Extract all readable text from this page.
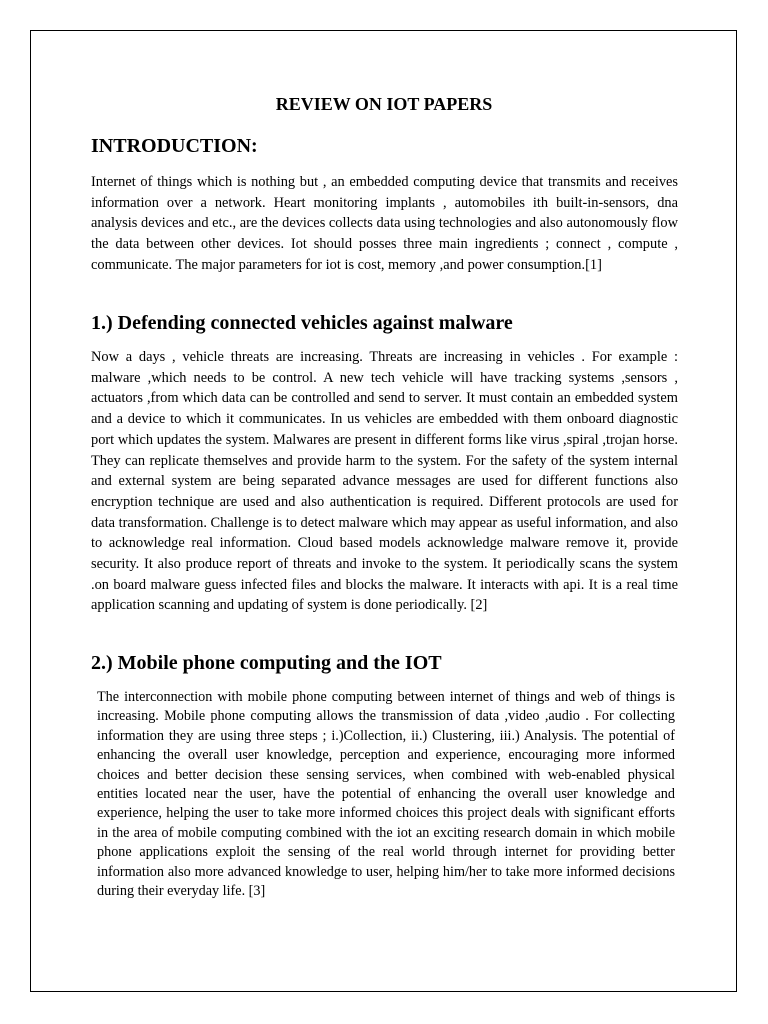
REVIEW ON IOT PAPERS
INTRODUCTION:

Internet of things which is nothing but , an embedded computing device that transmits and receives information over a network. Heart monitoring implants , automobiles ith built-in-sensors, dna analysis devices and etc., are the devices collects data using technologies and also autonomously flow the data between other devices. Iot should posses three main ingredients ; connect , compute , communicate. The major parameters for iot is cost, memory ,and power consumption.[1]

1.) Defending connected vehicles against malware

Now a days , vehicle threats are increasing. Threats are increasing in vehicles . For example : malware ,which needs to be control. A new tech vehicle will have tracking systems ,sensors , actuators ,from which data can be controlled and send to server. It must contain an embedded system and a device to which it communicates. In us vehicles are embedded with them onboard diagnostic port which updates the system. Malwares are present in different forms like virus ,spiral ,trojan horse. They can replicate themselves and provide harm to the system. For the safety of the system internal and external system are being separated advance messages are used for different functions also encryption technique are used and also authentication is required. Different protocols are used for data transformation. Challenge is to detect malware which may appear as useful information, and also to acknowledge real information. Cloud based models acknowledge malware remove it, provide security. It also produce report of threats and invoke to the system. It periodically scans the system .on board malware guess infected files and blocks the malware. It interacts with api. It is a real time application scanning and updating of system is done periodically. [2]

2.) Mobile phone computing and the IOT

The interconnection with mobile phone computing between internet of things and web of things is increasing. Mobile phone computing allows the transmission of data ,video ,audio . For collecting information they are using three steps ; i.)Collection, ii.) Clustering, iii.) Analysis. The potential of enhancing the overall user knowledge, perception and experience, encouraging more informed choices and better decision these sensing services, when combined with web-enabled physical entities located near the user, have the potential of enhancing the overall user knowledge and experience, helping the user to take more informed choices this project deals with significant efforts in the area of mobile computing combined with the iot an exciting research domain in which mobile phone applications exploit the sensing of the real world through internet for providing better information also more advanced knowledge to user, helping him/her to take more informed decisions during their everyday life. [3]
